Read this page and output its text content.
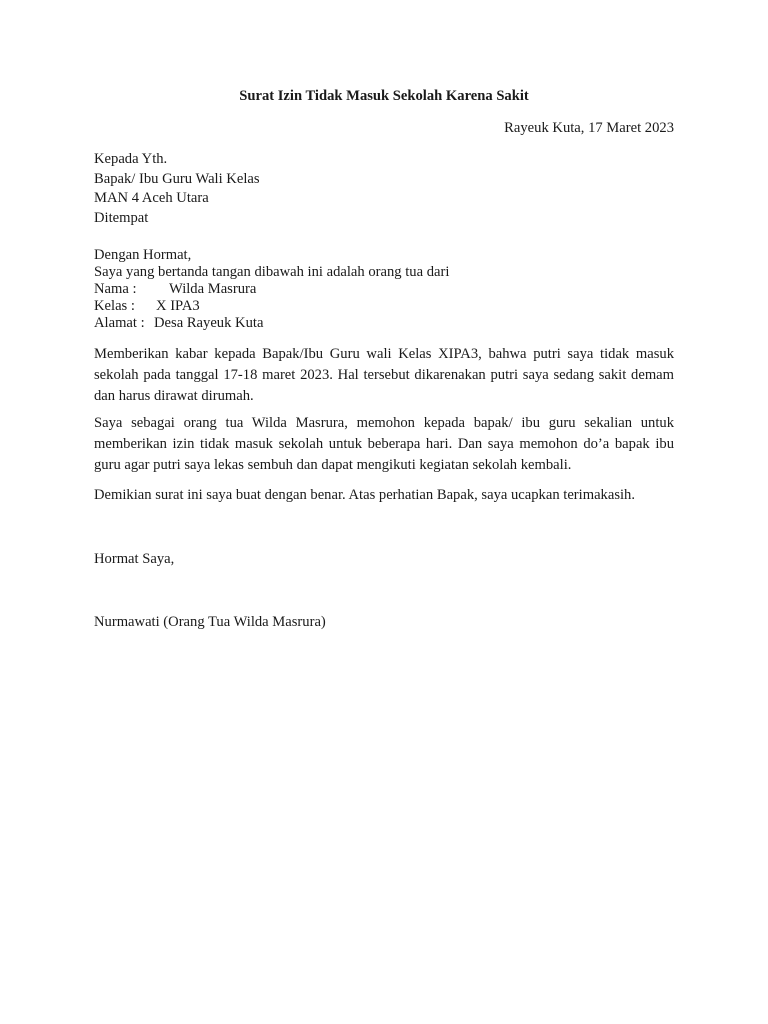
Surat Izin Tidak Masuk Sekolah Karena Sakit
Rayeuk Kuta, 17 Maret 2023
Kepada Yth.
Bapak/ Ibu Guru Wali Kelas
MAN 4 Aceh Utara
Ditempat
Dengan Hormat,
Saya yang bertanda tangan dibawah ini adalah orang tua dari
Nama :	Wilda Masrura
Kelas :	X IPA3
Alamat : Desa Rayeuk Kuta

Memberikan kabar kepada Bapak/Ibu Guru wali Kelas XIPA3, bahwa putri saya tidak masuk sekolah pada tanggal 17-18 maret 2023. Hal tersebut dikarenakan putri saya sedang sakit demam dan harus dirawat dirumah.

Saya sebagai orang tua Wilda Masrura, memohon kepada bapak/ ibu guru sekalian untuk memberikan izin tidak masuk sekolah untuk beberapa hari. Dan saya memohon do’a bapak ibu guru agar putri saya lekas sembuh dan dapat mengikuti kegiatan sekolah kembali.

Demikian surat ini saya buat dengan benar. Atas perhatian Bapak, saya ucapkan terimakasih.

Hormat Saya,
Nurmawati (Orang Tua Wilda Masrura)
